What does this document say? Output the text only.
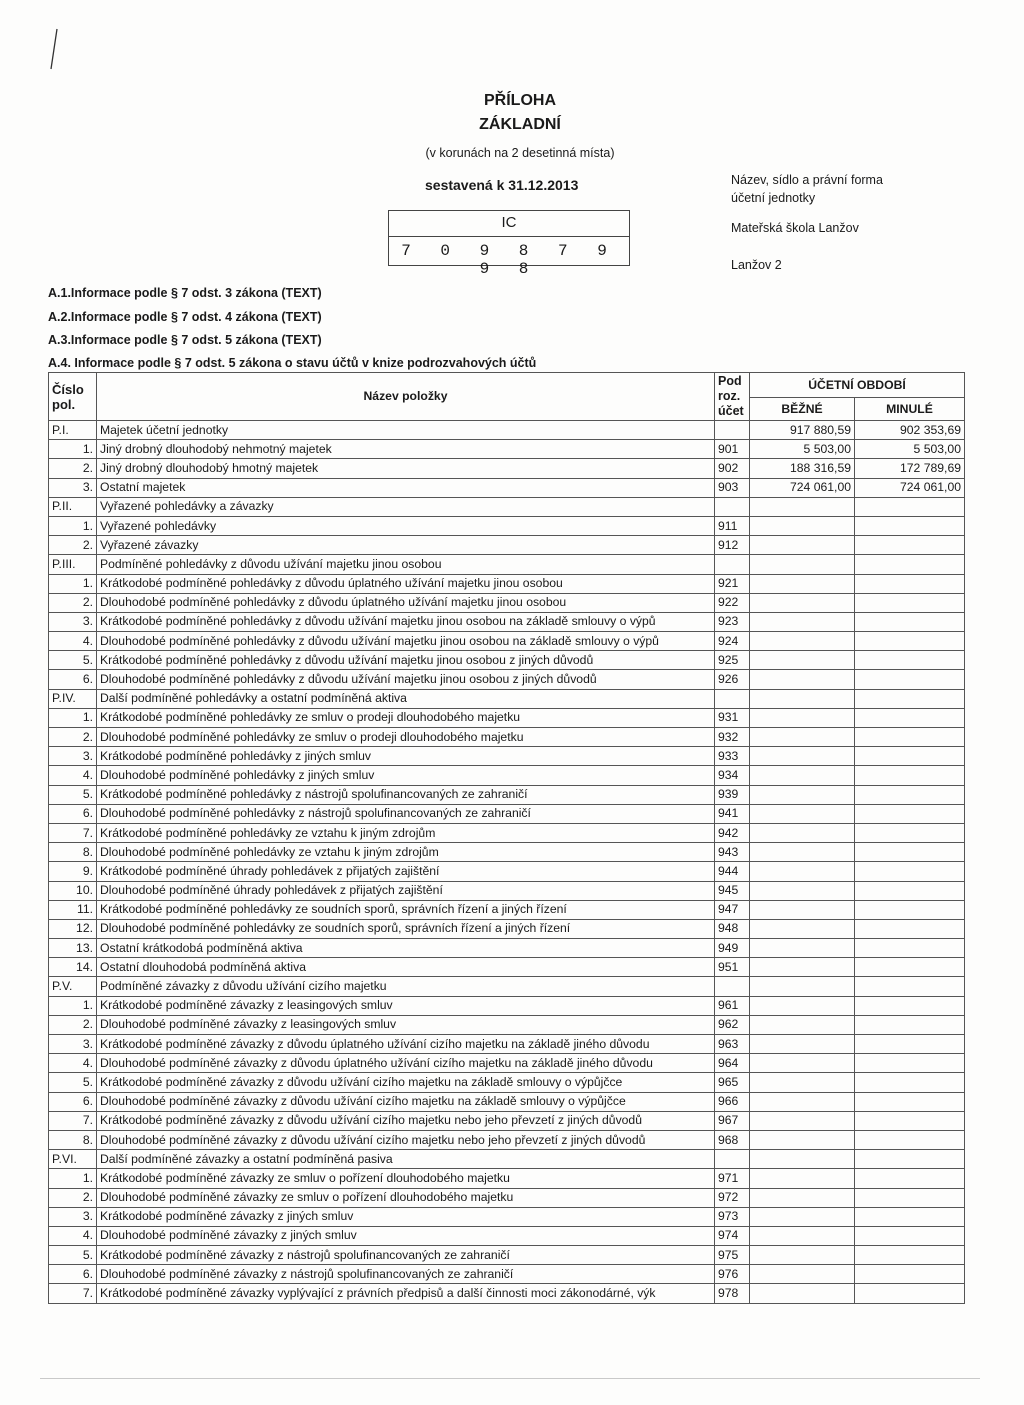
PŘÍLOHA
ZÁKLADNÍ
(v korunách na 2 desetinná místa)
sestavená k 31.12.2013
IC
7 0 9 8 7 9 9 8
Název, sídlo a právní forma
účetní jednotky
Mateřská škola Lanžov
Lanžov 2
A.1.Informace podle § 7 odst. 3 zákona (TEXT)
A.2.Informace podle § 7 odst. 4 zákona (TEXT)
A.3.Informace podle § 7 odst. 5 zákona (TEXT)
A.4. Informace podle § 7 odst. 5 zákona o stavu účtů v knize podrozvahových účtů
Číslo pol.	Název položky	Pod roz. účet	ÚČETNÍ OBDOBÍ	
			BĚŽNÉ	MINULÉ
P.I.	Majetek účetní jednotky		917 880,59	902 353,69
1.	Jiný drobný dlouhodobý nehmotný majetek	901	5 503,00	5 503,00
2.	Jiný drobný dlouhodobý hmotný majetek	902	188 316,59	172 789,69
3.	Ostatní majetek	903	724 061,00	724 061,00
P.II.	Vyřazené pohledávky a závazky			
1.	Vyřazené pohledávky	911		
2.	Vyřazené závazky	912		
P.III.	Podmíněné pohledávky z důvodu užívání majetku jinou osobou			
1.	Krátkodobé podmíněné pohledávky z důvodu úplatného užívání majetku jinou osobou	921		
2.	Dlouhodobé podmíněné pohledávky z důvodu úplatného užívání majetku jinou osobou	922		
3.	Krátkodobé podmíněné pohledávky z důvodu užívání majetku jinou osobou na základě smlouvy o výpů	923		
4.	Dlouhodobé podmíněné pohledávky z důvodu užívání majetku jinou osobou na základě smlouvy o výpů	924		
5.	Krátkodobé podmíněné pohledávky z důvodu užívání majetku jinou osobou z jiných důvodů	925		
6.	Dlouhodobé podmíněné pohledávky z důvodu užívání majetku jinou osobou z jiných důvodů	926		
P.IV.	Další podmíněné pohledávky a ostatní podmíněná aktiva			
1.	Krátkodobé podmíněné pohledávky ze smluv o prodeji dlouhodobého majetku	931		
2.	Dlouhodobé podmíněné pohledávky ze smluv o prodeji dlouhodobého majetku	932		
3.	Krátkodobé podmíněné pohledávky z jiných smluv	933		
4.	Dlouhodobé podmíněné pohledávky z jiných smluv	934		
5.	Krátkodobé podmíněné pohledávky z nástrojů spolufinancovaných ze zahraničí	939		
6.	Dlouhodobé podmíněné pohledávky z nástrojů spolufinancovaných ze zahraničí	941		
7.	Krátkodobé podmíněné pohledávky ze vztahu k jiným zdrojům	942		
8.	Dlouhodobé podmíněné pohledávky ze vztahu k jiným zdrojům	943		
9.	Krátkodobé podmíněné úhrady pohledávek z přijatých zajištění	944		
10.	Dlouhodobé podmíněné úhrady pohledávek z přijatých zajištění	945		
11.	Krátkodobé podmíněné pohledávky ze soudních sporů, správních řízení a jiných řízení	947		
12.	Dlouhodobé podmíněné pohledávky ze soudních sporů, správních řízení a jiných řízení	948		
13.	Ostatní krátkodobá podmíněná aktiva	949		
14.	Ostatní dlouhodobá podmíněná aktiva	951		
P.V.	Podmíněné závazky z důvodu užívání cizího majetku			
1.	Krátkodobé podmíněné závazky z leasingových smluv	961		
2.	Dlouhodobé podmíněné závazky z leasingových smluv	962		
3.	Krátkodobé podmíněné závazky z důvodu úplatného užívání cizího majetku na základě jiného důvodu	963		
4.	Dlouhodobé podmíněné závazky z důvodu úplatného užívání cizího majetku na základě jiného důvodu	964		
5.	Krátkodobé podmíněné závazky z důvodu užívání cizího majetku na základě smlouvy o výpůjčce	965		
6.	Dlouhodobé podmíněné závazky z důvodu užívání cizího majetku na základě smlouvy o výpůjčce	966		
7.	Krátkodobé podmíněné závazky z důvodu užívání cizího majetku nebo jeho převzetí z jiných důvodů	967		
8.	Dlouhodobé podmíněné závazky z důvodu užívání cizího majetku nebo jeho převzetí z jiných důvodů	968		
P.VI.	Další podmíněné závazky a ostatní podmíněná pasiva			
1.	Krátkodobé podmíněné závazky ze smluv o pořízení dlouhodobého majetku	971		
2.	Dlouhodobé podmíněné závazky ze smluv o pořízení dlouhodobého majetku	972		
3.	Krátkodobé podmíněné závazky z jiných smluv	973		
4.	Dlouhodobé podmíněné závazky z jiných smluv	974		
5.	Krátkodobé podmíněné závazky z nástrojů spolufinancovaných ze zahraničí	975		
6.	Dlouhodobé podmíněné závazky z nástrojů spolufinancovaných ze zahraničí	976		
7.	Krátkodobé podmíněné závazky vyplývající z právních předpisů a další činnosti moci zákonodárné, výk	978		
